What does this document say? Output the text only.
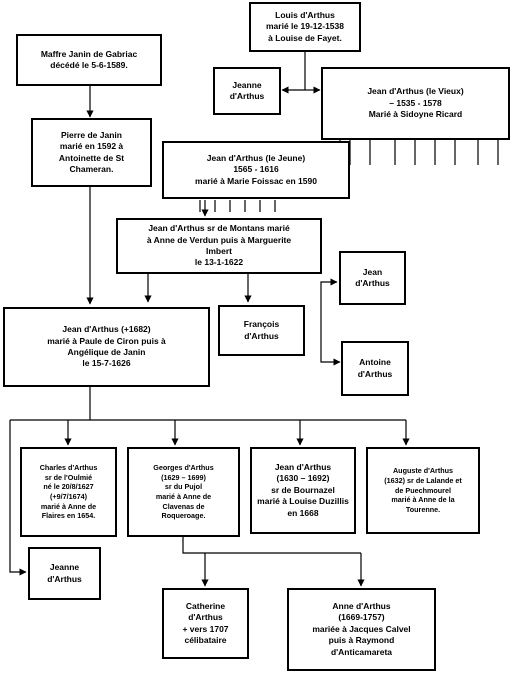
Louis d'Arthus
marié le 19-12-1538
à Louise de Fayet.
Jeanne
d'Arthus	Jean d'Arthus (le Vieux)
– 1535 - 1578
Marié à Sidoyne Ricard
Maffre Janin de Gabriac
décédé le 5-6-1589.
Pierre de Janin
marié en 1592 à
Antoinette de St
Chameran.
Jean d'Arthus (le Jeune)
1565 - 1616
marié à Marie Foissac en 1590
Jean d'Arthus sr de Montans marié
à Anne de Verdun puis à Marguerite
Imbert
le 13-1-1622
François
d'Arthus
Jean
d'Arthus
Antoine
d'Arthus
Jean d'Arthus (+1682)
marié à Paule de Ciron puis à
Angélique de Janin
le 15-7-1626
Charles d'Arthus
sr de l'Oulmié
né le 20/8/1627
(+9/7/1674)
marié à Anne de
Flaires en 1654.
Georges d'Arthus
(1629 – 1699)
sr du Pujol
marié à Anne de
Clavenas de
Roqueroage.
Jean d'Arthus
(1630 – 1692)
sr de Bournazel
marié à Louise Duzillis
en 1668
Auguste d'Arthus
(1632) sr de Lalande et
de Puechmourel
marié à Anne de la
Tourenne.
Jeanne
d'Arthus
Catherine
d'Arthus
+ vers 1707
célibataire
Anne d'Arthus
(1669-1757)
mariée à Jacques Calvel
puis à Raymond
d'Anticamareta
